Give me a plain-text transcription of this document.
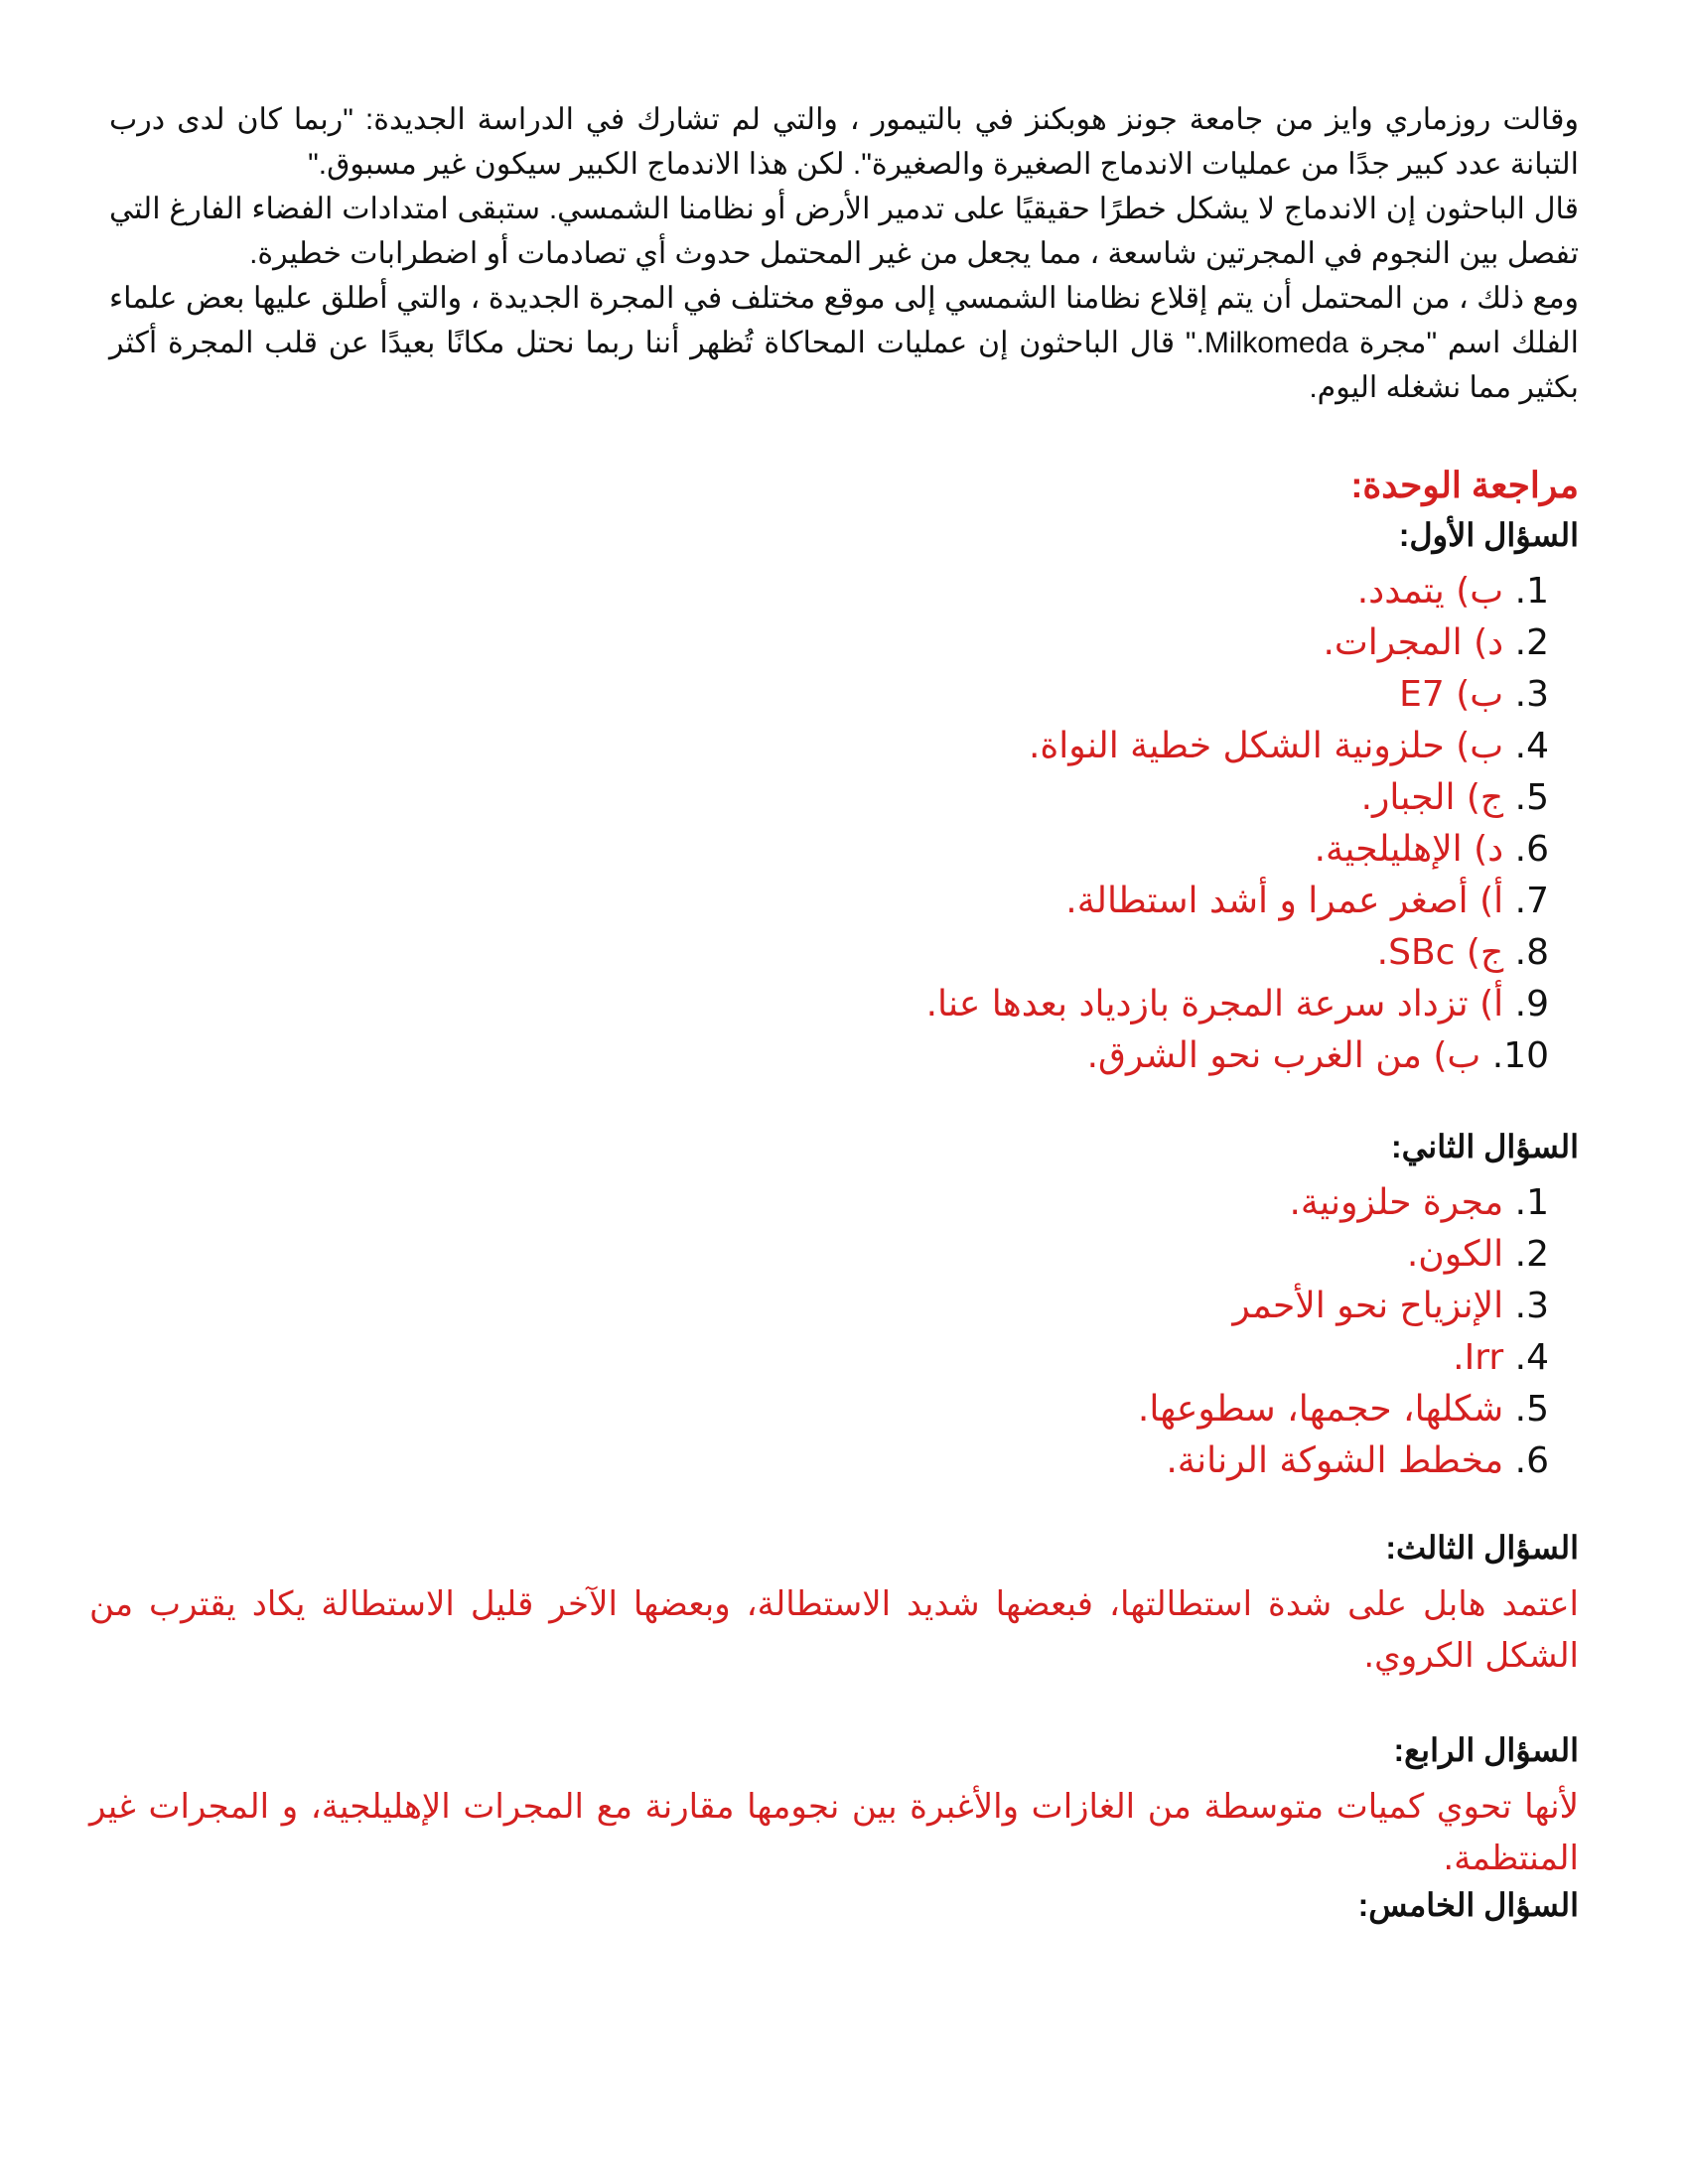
وقالت روزماري وايز من جامعة جونز هوبكنز في بالتيمور ، والتي لم تشارك في الدراسة الجديدة: "ربما كان لدى درب التبانة عدد كبير جدًا من عمليات الاندماج الصغيرة والصغيرة". لكن هذا الاندماج الكبير سيكون غير مسبوق."

قال الباحثون إن الاندماج لا يشكل خطرًا حقيقيًا على تدمير الأرض أو نظامنا الشمسي. ستبقى امتدادات الفضاء الفارغ التي تفصل بين النجوم في المجرتين شاسعة ، مما يجعل من غير المحتمل حدوث أي تصادمات أو اضطرابات خطيرة.

ومع ذلك ، من المحتمل أن يتم إقلاع نظامنا الشمسي إلى موقع مختلف في المجرة الجديدة ، والتي أطلق عليها بعض علماء الفلك اسم "مجرة Milkomeda." قال الباحثون إن عمليات المحاكاة تُظهر أننا ربما نحتل مكانًا بعيدًا عن قلب المجرة أكثر بكثير مما نشغله اليوم.

مراجعة الوحدة:
السؤال الأول:
1. ب) يتمدد.
2. د) المجرات.
3. ب) E7
4. ب) حلزونية الشكل خطية النواة.
5. ج) الجبار.
6. د) الإهليلجية.
7. أ) أصغر عمرا و أشد استطالة.
8. ج) SBc.
9. أ) تزداد سرعة المجرة بازدياد بعدها عنا.
10. ب) من الغرب نحو الشرق.
السؤال الثاني:
1. مجرة حلزونية.
2. الكون.
3. الإنزياح نحو الأحمر
4. Irr.
5. شكلها، حجمها، سطوعها.
6. مخطط الشوكة الرنانة.
السؤال الثالث:

اعتمد هابل على شدة استطالتها، فبعضها شديد الاستطالة، وبعضها الآخر قليل الاستطالة يكاد يقترب من الشكل الكروي.

السؤال الرابع:

لأنها تحوي كميات متوسطة من الغازات والأغبرة بين نجومها مقارنة مع المجرات الإهليلجية، و المجرات غير المنتظمة.

السؤال الخامس:
